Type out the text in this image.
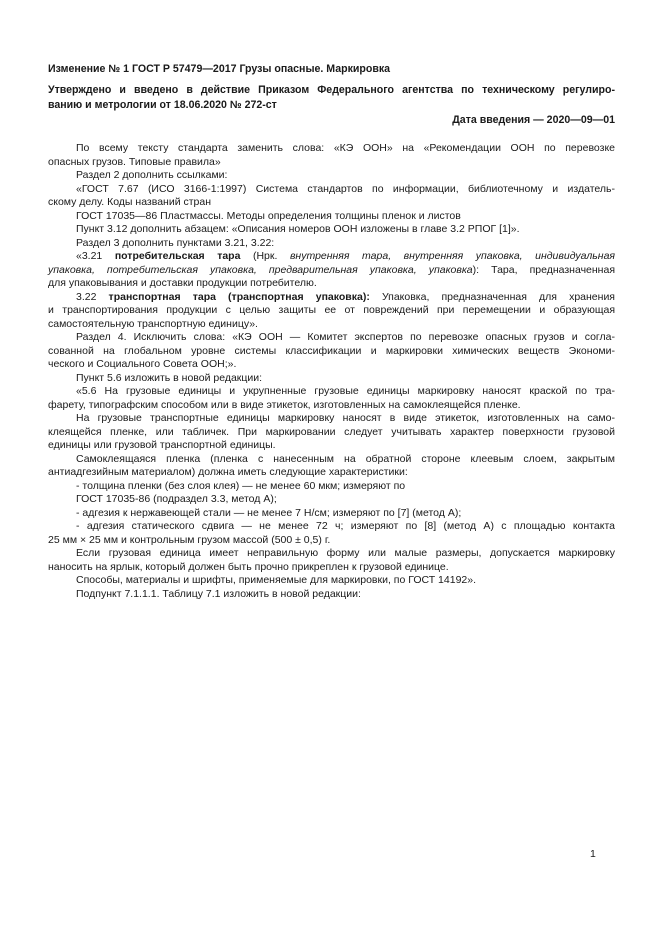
Изменение № 1 ГОСТ Р 57479—2017 Грузы опасные. Маркировка
Утверждено и введено в действие Приказом Федерального агентства по техническому регулиро-
ванию и метрологии от 18.06.2020 № 272-ст
Дата введения — 2020—09—01
По всему тексту стандарта заменить слова: «КЭ ООН» на «Рекомендации ООН по перевозке
опасных грузов. Типовые правила»
Раздел 2 дополнить ссылками:
«ГОСТ 7.67 (ИСО 3166-1:1997) Система стандартов по информации, библиотечному и издатель-
скому делу. Коды названий стран
ГОСТ 17035—86 Пластмассы. Методы определения толщины пленок и листов
Пункт 3.12 дополнить абзацем: «Описания номеров ООН изложены в главе 3.2 РПОГ [1]».
Раздел 3 дополнить пунктами 3.21, 3.22:
«3.21 потребительская тара (Нрк. внутренняя тара, внутренняя упаковка, индивидуальная
упаковка, потребительская упаковка, предварительная упаковка, упаковка): Тара, предназначенная
для упаковывания и доставки продукции потребителю.
3.22 транспортная тара (транспортная упаковка): Упаковка, предназначенная для хранения
и транспортирования продукции с целью защиты ее от повреждений при перемещении и образующая
самостоятельную транспортную единицу».
Раздел 4. Исключить слова: «КЭ ООН — Комитет экспертов по перевозке опасных грузов и согла-
сованной на глобальном уровне системы классификации и маркировки химических веществ Экономи-
ческого и Социального Совета ООН;».
Пункт 5.6 изложить в новой редакции:
«5.6 На грузовые единицы и укрупненные грузовые единицы маркировку наносят краской по тра-
фарету, типографским способом или в виде этикеток, изготовленных на самоклеящейся пленке.
На грузовые транспортные единицы маркировку наносят в виде этикеток, изготовленных на само-
клеящейся пленке, или табличек. При маркировании следует учитывать характер поверхности грузовой
единицы или грузовой транспортной единицы.
Самоклеящаяся пленка (пленка с нанесенным на обратной стороне клеевым слоем, закрытым
антиадгезийным материалом) должна иметь следующие характеристики:
- толщина пленки (без слоя клея) — не менее 60 мкм; измеряют по
ГОСТ 17035-86 (подраздел 3.3, метод А);
- адгезия к нержавеющей стали — не менее 7 Н/см; измеряют по [7] (метод А);
- адгезия статического сдвига — не менее 72 ч; измеряют по [8] (метод А) с площадью контакта
25 мм × 25 мм и контрольным грузом массой (500 ± 0,5) г.
Если грузовая единица имеет неправильную форму или малые размеры, допускается маркировку
наносить на ярлык, который должен быть прочно прикреплен к грузовой единице.
Способы, материалы и шрифты, применяемые для маркировки, по ГОСТ 14192».
Подпункт 7.1.1.1. Таблицу 7.1 изложить в новой редакции:
1
